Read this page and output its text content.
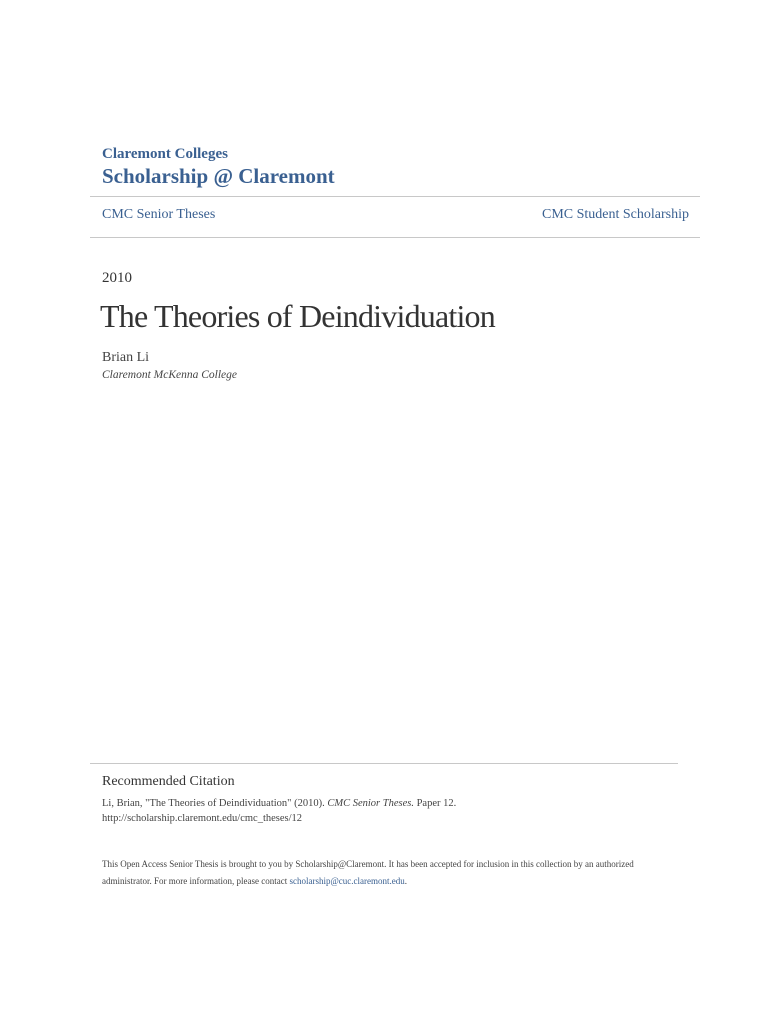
Claremont Colleges
Scholarship @ Claremont
CMC Senior Theses	CMC Student Scholarship
2010
The Theories of Deindividuation
Brian Li
Claremont McKenna College
Recommended Citation
Li, Brian, "The Theories of Deindividuation" (2010). CMC Senior Theses. Paper 12.
http://scholarship.claremont.edu/cmc_theses/12
This Open Access Senior Thesis is brought to you by Scholarship@Claremont. It has been accepted for inclusion in this collection by an authorized
administrator. For more information, please contact scholarship@cuc.claremont.edu.
